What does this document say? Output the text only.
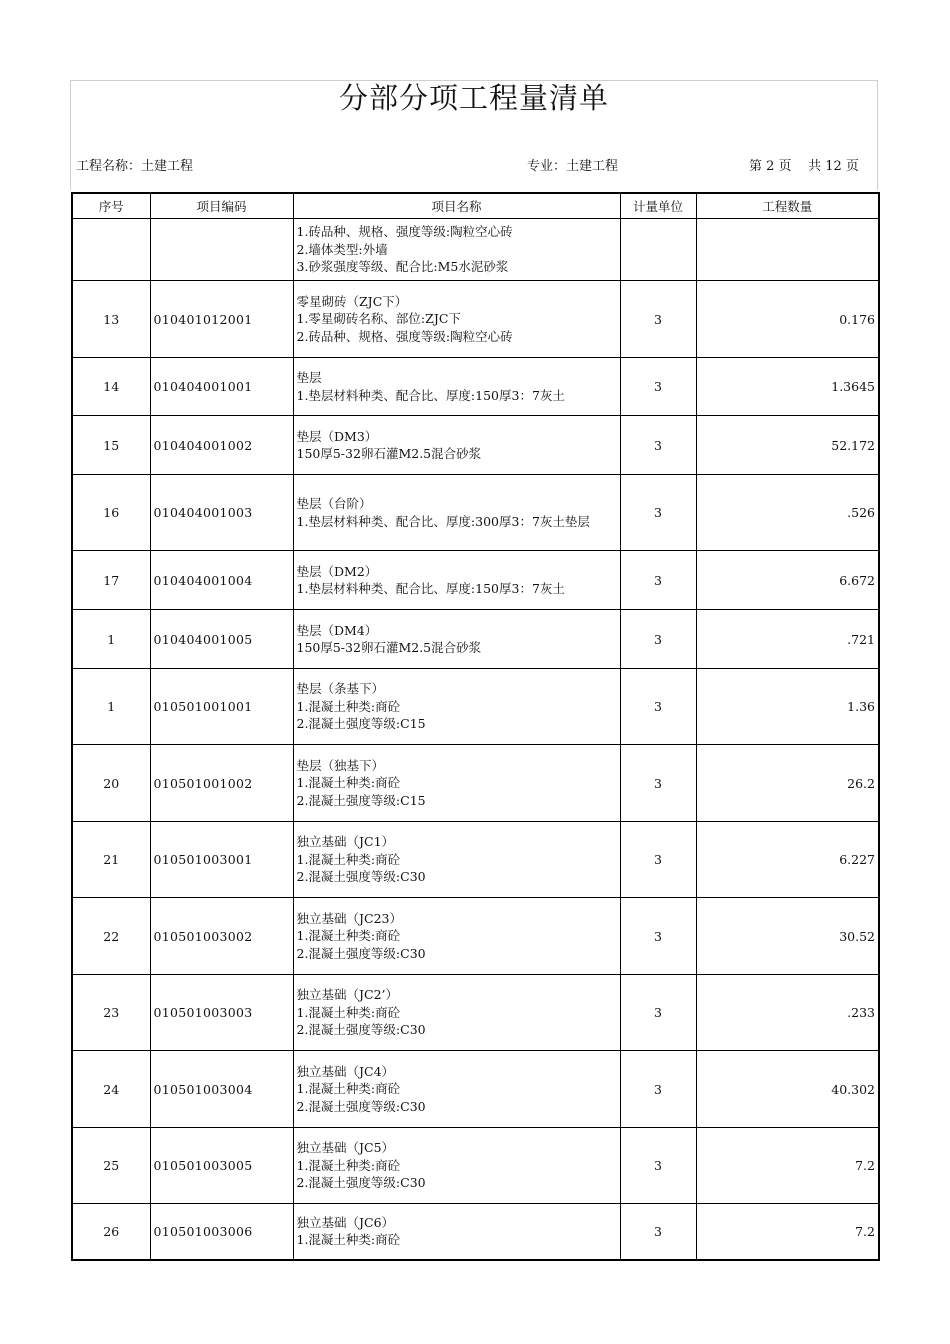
分部分项工程量清单
工程名称：土建工程	专业：土建工程	第 2 页    共 12 页
序号	项目编码	项目名称	计量单位	工程数量

		1.砖品种、规格、强度等级:陶粒空心砖
2.墙体类型:外墙
3.砂浆强度等级、配合比:M5水泥砂浆		

13	010401012001	零星砌砖（ZJC下）
1.零星砌砖名称、部位:ZJC下
2.砖品种、规格、强度等级:陶粒空心砖	3	0.176
14	010404001001	垫层
1.垫层材料种类、配合比、厚度:150厚3：7灰土	3	1.3645
15	010404001002	垫层（DM3）
150厚5-32卵石灌M2.5混合砂浆	3	52.172
16	010404001003	垫层（台阶）
1.垫层材料种类、配合比、厚度:300厚3：7灰土垫层	3	.526
17	010404001004	垫层（DM2）
1.垫层材料种类、配合比、厚度:150厚3：7灰土	3	6.672
1	010404001005	垫层（DM4）
150厚5-32卵石灌M2.5混合砂浆	3	.721
1	010501001001	垫层（条基下）
1.混凝土种类:商砼
2.混凝土强度等级:C15	3	1.36
20	010501001002	垫层（独基下）
1.混凝土种类:商砼
2.混凝土强度等级:C15	3	26.2
21	010501003001	独立基础（JC1）
1.混凝土种类:商砼
2.混凝土强度等级:C30	3	6.227
22	010501003002	独立基础（JC23）
1.混凝土种类:商砼
2.混凝土强度等级:C30	3	30.52
23	010501003003	独立基础（JC2’）
1.混凝土种类:商砼
2.混凝土强度等级:C30	3	.233
24	010501003004	独立基础（JC4）
1.混凝土种类:商砼
2.混凝土强度等级:C30	3	40.302
25	010501003005	独立基础（JC5）
1.混凝土种类:商砼
2.混凝土强度等级:C30	3	7.2
26	010501003006	独立基础（JC6）
1.混凝土种类:商砼	3	7.2
